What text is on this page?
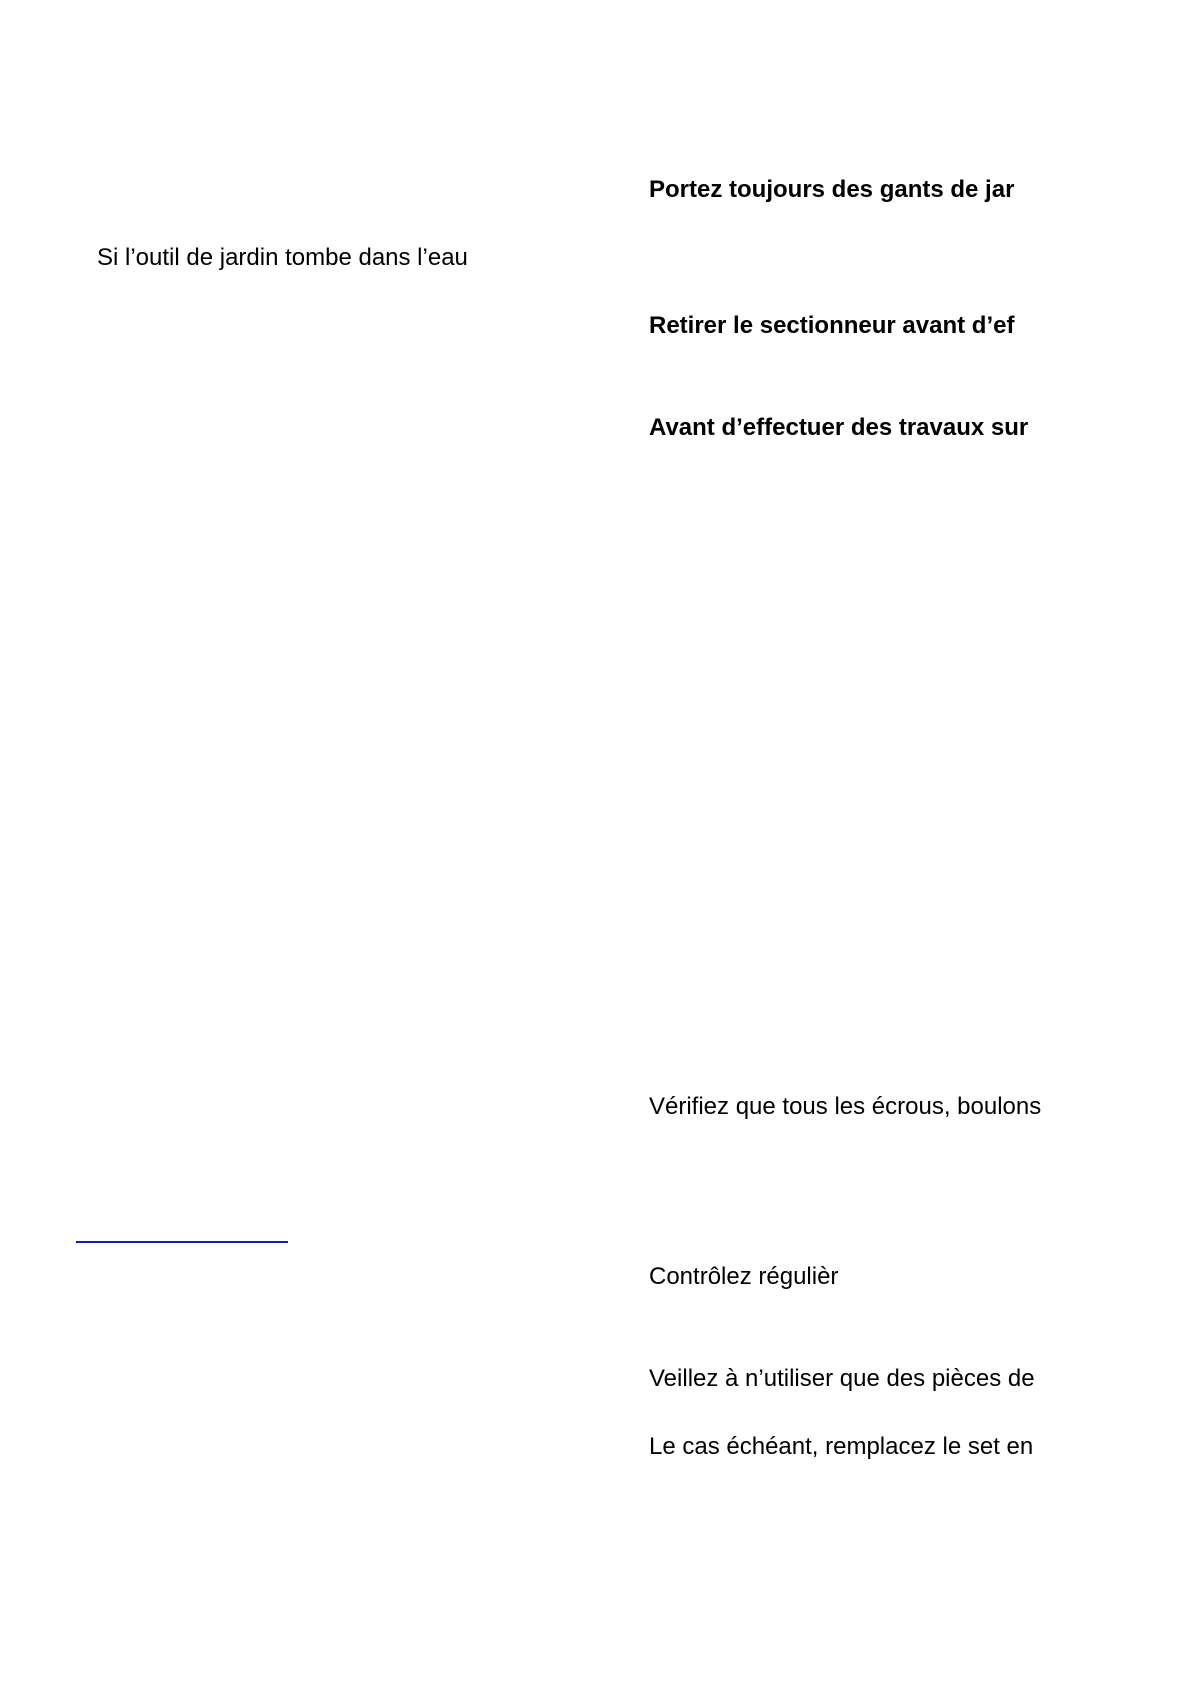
Portez toujours des gants de jar

Si l’outil de jardin tombe dans l’eau

Retirer le sectionneur avant d’ef

Avant d’effectuer des travaux sur

Vérifiez que tous les écrous, boulons

Contrôlez régulièr

Veillez à n’utiliser que des pièces de

Le cas échéant, remplacez le set en
